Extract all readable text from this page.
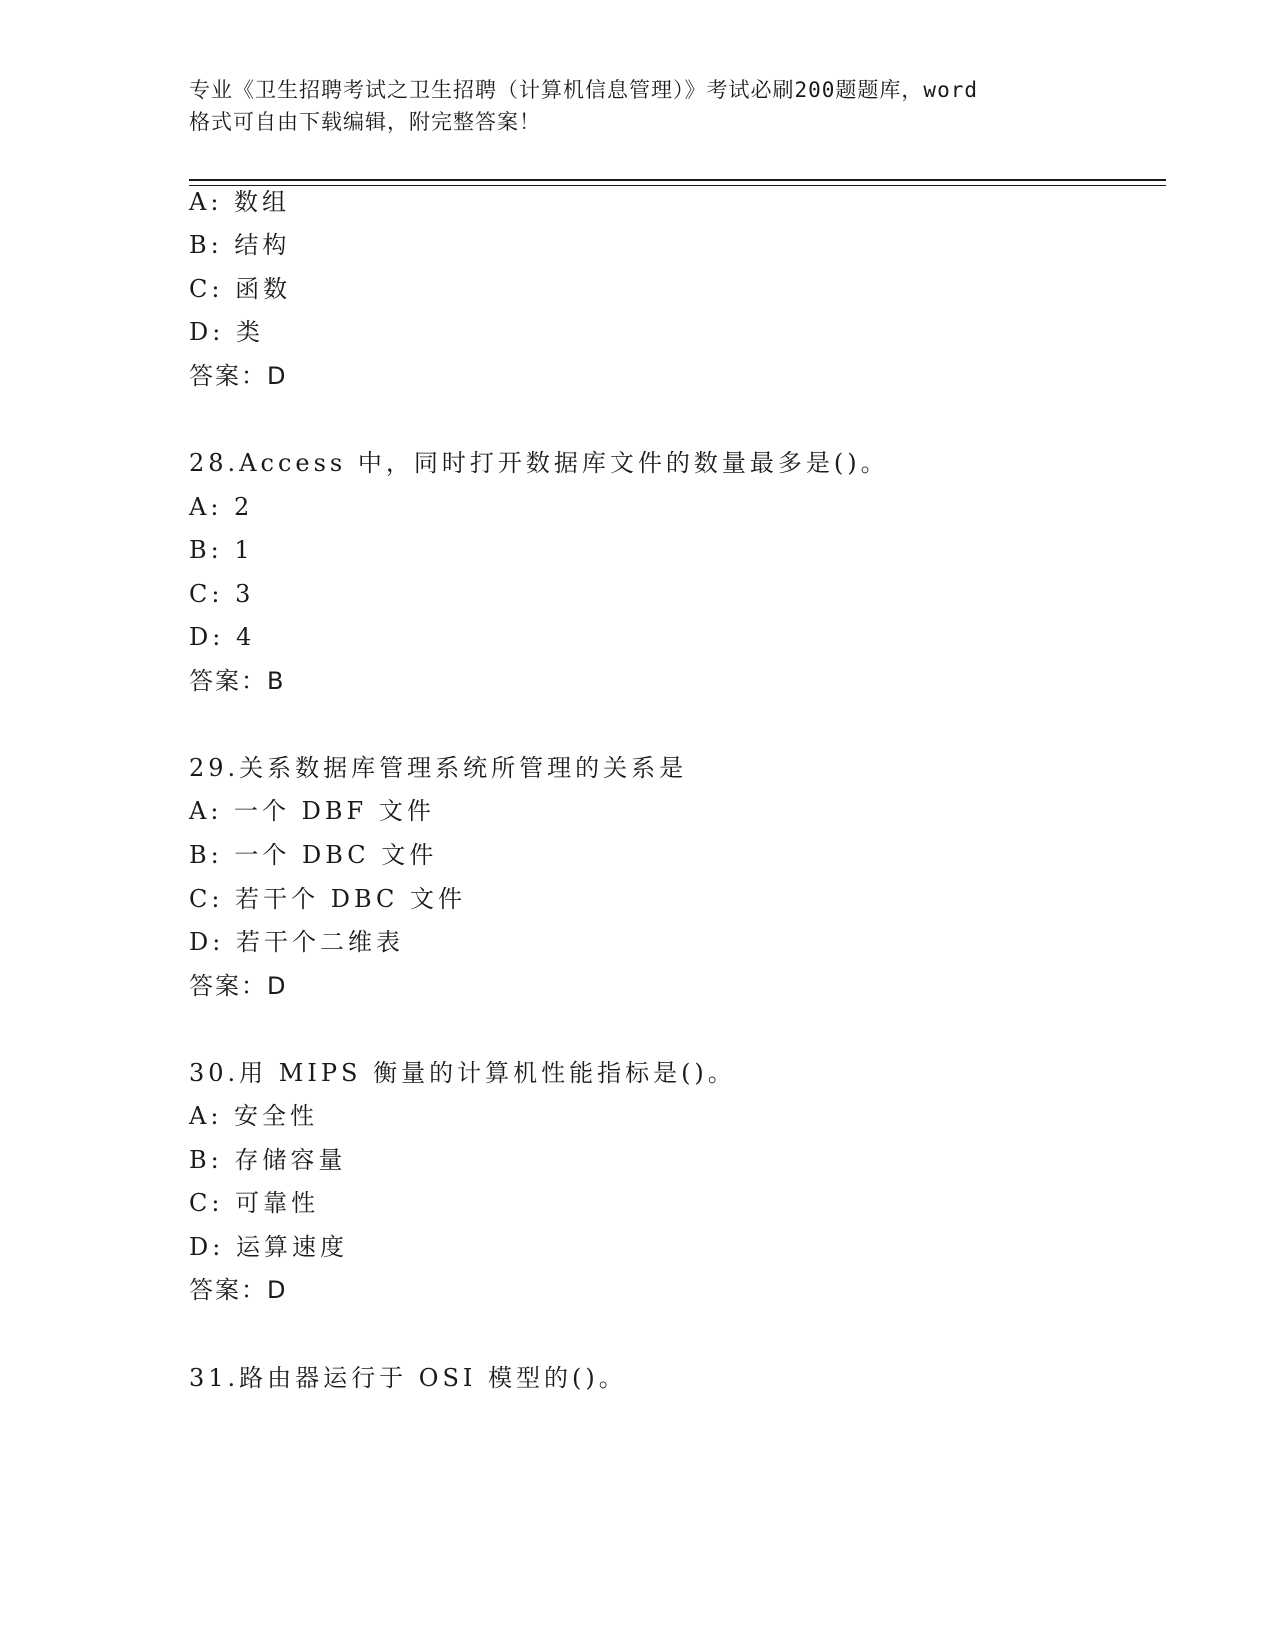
专业《卫生招聘考试之卫生招聘（计算机信息管理）》考试必刷200题题库，word
格式可自由下载编辑，附完整答案！
A: 数组
B: 结构
C: 函数
D: 类
答案：D
28.Access 中，同时打开数据库文件的数量最多是()。
A: 2
B: 1
C: 3
D: 4
答案：B
29.关系数据库管理系统所管理的关系是
A: 一个 DBF 文件
B: 一个 DBC 文件
C: 若干个 DBC 文件
D: 若干个二维表
答案：D
30.用 MIPS 衡量的计算机性能指标是()。
A: 安全性
B: 存储容量
C: 可靠性
D: 运算速度
答案：D
31.路由器运行于 OSI 模型的()。
